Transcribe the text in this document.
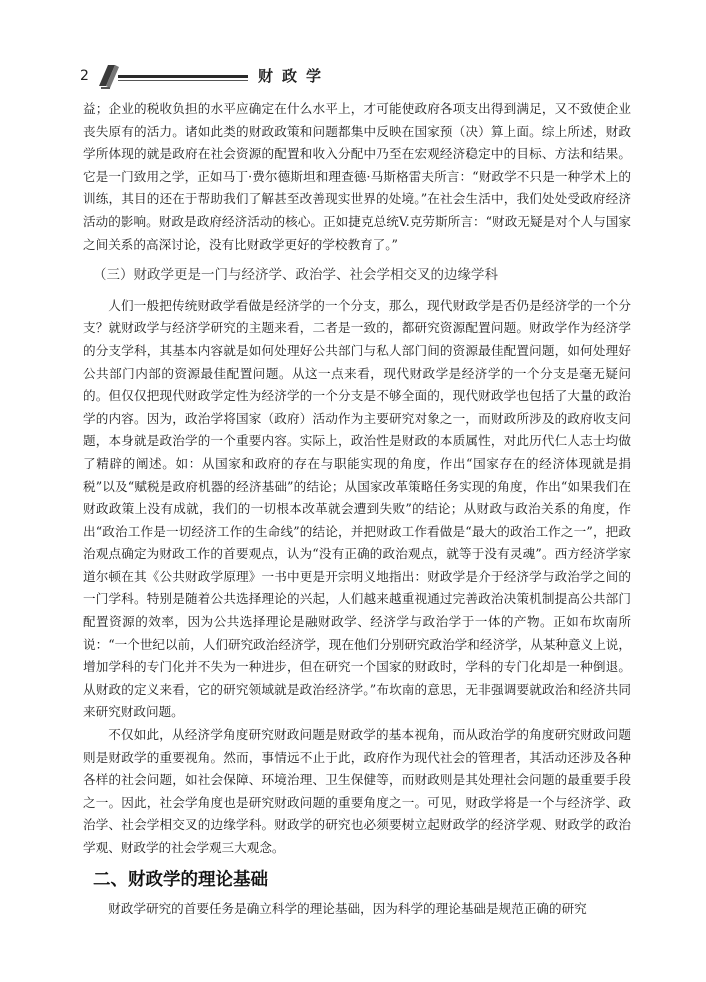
2	财政学

益；企业的税收负担的水平应确定在什么水平上，才可能使政府各项支出得到满足，又不致使企业丧失原有的活力。诸如此类的财政政策和问题都集中反映在国家预（决）算上面。综上所述，财政学所体现的就是政府在社会资源的配置和收入分配中乃至在宏观经济稳定中的目标、方法和结果。它是一门致用之学，正如马丁·费尔德斯坦和理查德·马斯格雷夫所言：“财政学不只是一种学术上的训练，其目的还在于帮助我们了解甚至改善现实世界的处境。”在社会生活中，我们处处受政府经济活动的影响。财政是政府经济活动的核心。正如捷克总统V.克劳斯所言：“财政无疑是对个人与国家之间关系的高深讨论，没有比财政学更好的学校教育了。”

（三）财政学更是一门与经济学、政治学、社会学相交叉的边缘学科

人们一般把传统财政学看做是经济学的一个分支，那么，现代财政学是否仍是经济学的一个分支？就财政学与经济学研究的主题来看，二者是一致的，都研究资源配置问题。财政学作为经济学的分支学科，其基本内容就是如何处理好公共部门与私人部门间的资源最佳配置问题，如何处理好公共部门内部的资源最佳配置问题。从这一点来看，现代财政学是经济学的一个分支是毫无疑问的。但仅仅把现代财政学定性为经济学的一个分支是不够全面的，现代财政学也包括了大量的政治学的内容。因为，政治学将国家（政府）活动作为主要研究对象之一，而财政所涉及的政府收支问题，本身就是政治学的一个重要内容。实际上，政治性是财政的本质属性，对此历代仁人志士均做了精辟的阐述。如：从国家和政府的存在与职能实现的角度，作出“国家存在的经济体现就是捐税”以及“赋税是政府机器的经济基础”的结论；从国家改革策略任务实现的角度，作出“如果我们在财政政策上没有成就，我们的一切根本改革就会遭到失败”的结论；从财政与政治关系的角度，作出“政治工作是一切经济工作的生命线”的结论，并把财政工作看做是“最大的政治工作之一”，把政治观点确定为财政工作的首要观点，认为“没有正确的政治观点，就等于没有灵魂”。西方经济学家道尔顿在其《公共财政学原理》一书中更是开宗明义地指出：财政学是介于经济学与政治学之间的一门学科。特别是随着公共选择理论的兴起，人们越来越重视通过完善政治决策机制提高公共部门配置资源的效率，因为公共选择理论是融财政学、经济学与政治学于一体的产物。正如布坎南所说：“一个世纪以前，人们研究政治经济学，现在他们分别研究政治学和经济学，从某种意义上说，增加学科的专门化并不失为一种进步，但在研究一个国家的财政时，学科的专门化却是一种倒退。从财政的定义来看，它的研究领域就是政治经济学。”布坎南的意思，无非强调要就政治和经济共同来研究财政问题。

不仅如此，从经济学角度研究财政问题是财政学的基本视角，而从政治学的角度研究财政问题则是财政学的重要视角。然而，事情远不止于此，政府作为现代社会的管理者，其活动还涉及各种各样的社会问题，如社会保障、环境治理、卫生保健等，而财政则是其处理社会问题的最重要手段之一。因此，社会学角度也是研究财政问题的重要角度之一。可见，财政学将是一个与经济学、政治学、社会学相交叉的边缘学科。财政学的研究也必须要树立起财政学的经济学观、财政学的政治学观、财政学的社会学观三大观念。

二、财政学的理论基础

财政学研究的首要任务是确立科学的理论基础，因为科学的理论基础是规范正确的研究
